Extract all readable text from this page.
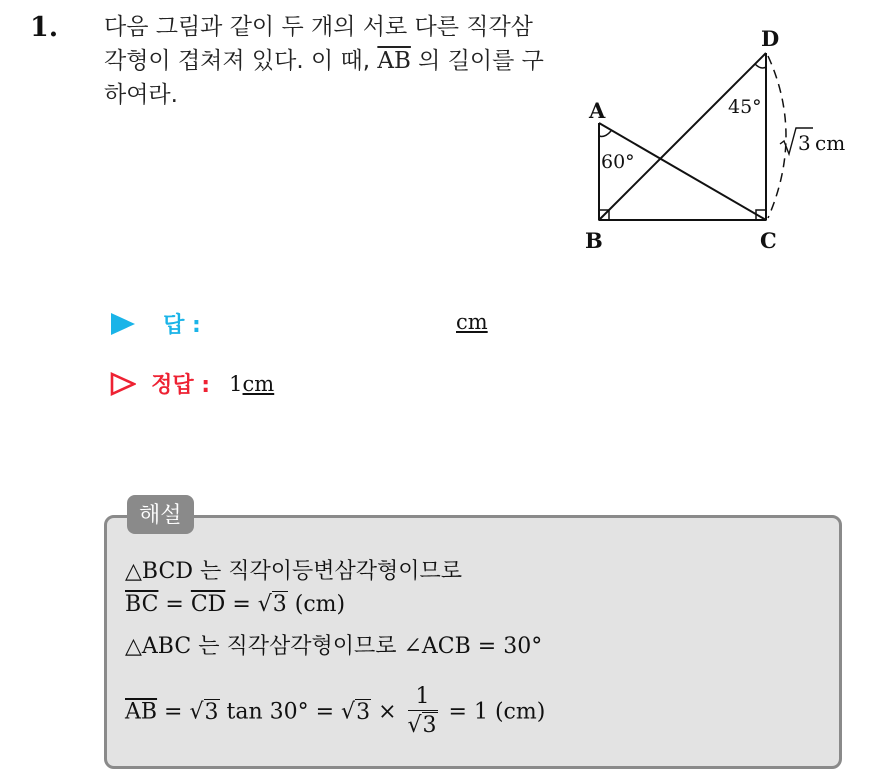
1. 다음 그림과 같이 두 개의 서로 다른 직각삼각형이 겹쳐져 있다. 이 때, $\overline{AB}$ 의 길이를 구하여라.
A
B	C
D
60°
45°
3 cm
답 :	cm
정답 : 1cm
해설
△BCD 는 직각이등변삼각형이므로
$\overline{BC} = \overline{CD} = √3$ (cm)
△ABC 는 직각삼각형이므로 ∠ACB = 30°
$\overline{AB} = √3$ $\tan 30^\circ = √3 \times \frac{1}{√3} = 1$ (cm)
